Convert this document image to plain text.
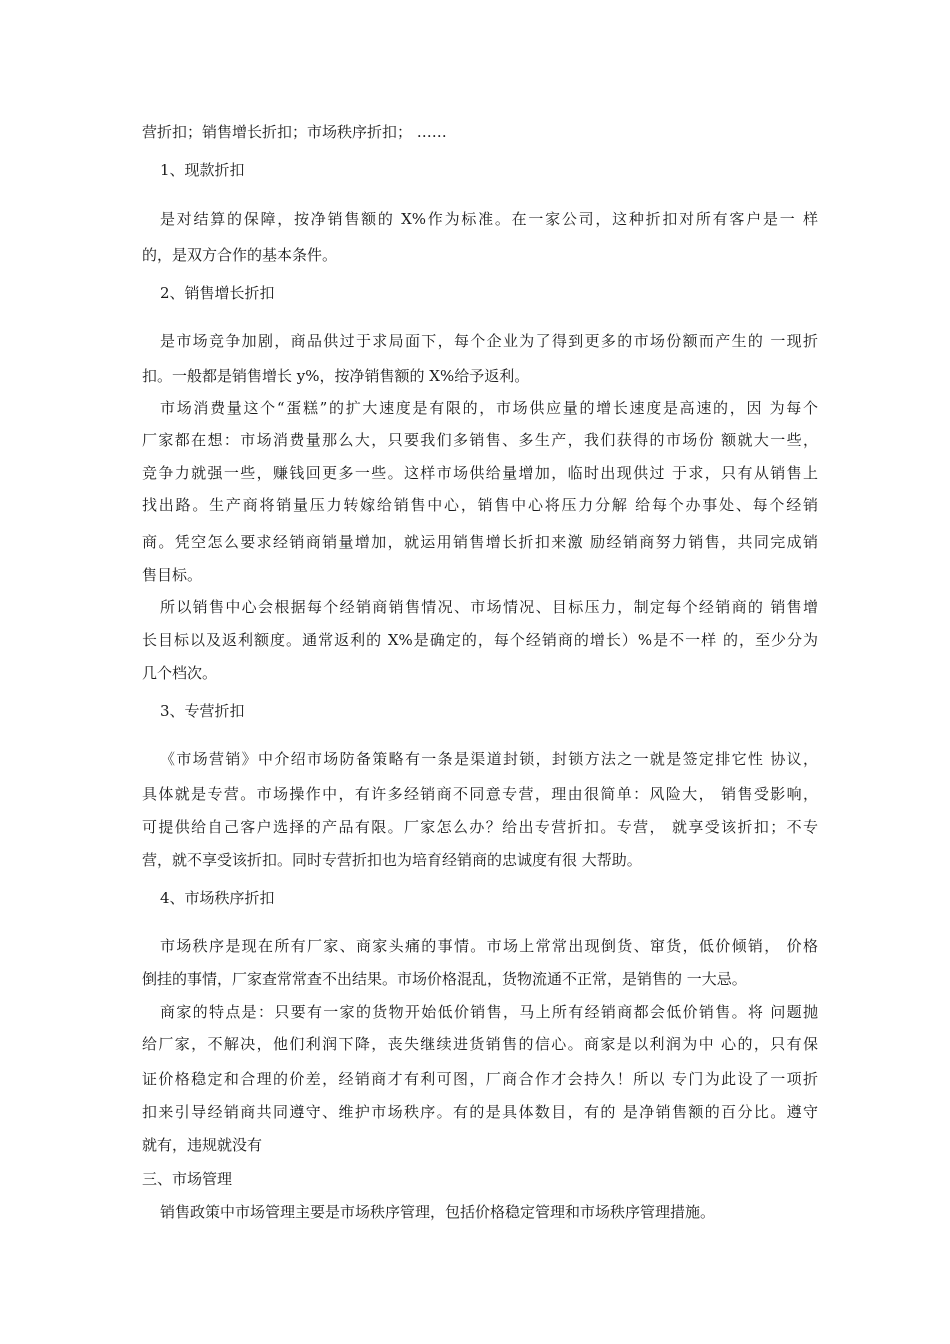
营折扣；销售增长折扣；市场秩序折扣； ……
1、现款折扣
是对结算的保障，按净销售额的 X%作为标准。在一家公司，这种折扣对所有客户是一 样
的，是双方合作的基本条件。
2、销售增长折扣
是市场竞争加剧，商品供过于求局面下，每个企业为了得到更多的市场份额而产生的 一现折
扣。一般都是销售增长 y%，按净销售额的 X%给予返利。
市场消费量这个“蛋糕”的扩大速度是有限的，市场供应量的增长速度是高速的，因 为每个
厂家都在想：市场消费量那么大，只要我们多销售、多生产，我们获得的市场份 额就大一些，
竞争力就强一些，赚钱回更多一些。这样市场供给量增加，临时出现供过 于求，只有从销售上
找出路。生产商将销量压力转嫁给销售中心，销售中心将压力分解 给每个办事处、每个经销
商。凭空怎么要求经销商销量增加，就运用销售增长折扣来激 励经销商努力销售，共同完成销
售目标。
所以销售中心会根据每个经销商销售情况、市场情况、目标压力，制定每个经销商的 销售增
长目标以及返利额度。通常返利的 X%是确定的，每个经销商的增长）%是不一样 的，至少分为
几个档次。
3、专营折扣
《市场营销》中介绍市场防备策略有一条是渠道封锁，封锁方法之一就是签定排它性 协议，
具体就是专营。市场操作中，有许多经销商不同意专营，理由很简单：风险大， 销售受影响，
可提供给自己客户选择的产品有限。厂家怎么办？给出专营折扣。专营， 就享受该折扣；不专
营，就不享受该折扣。同时专营折扣也为培育经销商的忠诚度有很 大帮助。
4、市场秩序折扣
市场秩序是现在所有厂家、商家头痛的事情。市场上常常出现倒货、窜货，低价倾销， 价格
倒挂的事情，厂家查常常查不出结果。市场价格混乱，货物流通不正常，是销售的 一大忌。
商家的特点是：只要有一家的货物开始低价销售，马上所有经销商都会低价销售。将 问题抛
给厂家，不解决，他们利润下降，丧失继续进货销售的信心。商家是以利润为中 心的，只有保
证价格稳定和合理的价差，经销商才有利可图，厂商合作才会持久！所以 专门为此设了一项折
扣来引导经销商共同遵守、维护市场秩序。有的是具体数目，有的 是净销售额的百分比。遵守
就有，违规就没有
三、市场管理
销售政策中市场管理主要是市场秩序管理，包括价格稳定管理和市场秩序管理措施。
